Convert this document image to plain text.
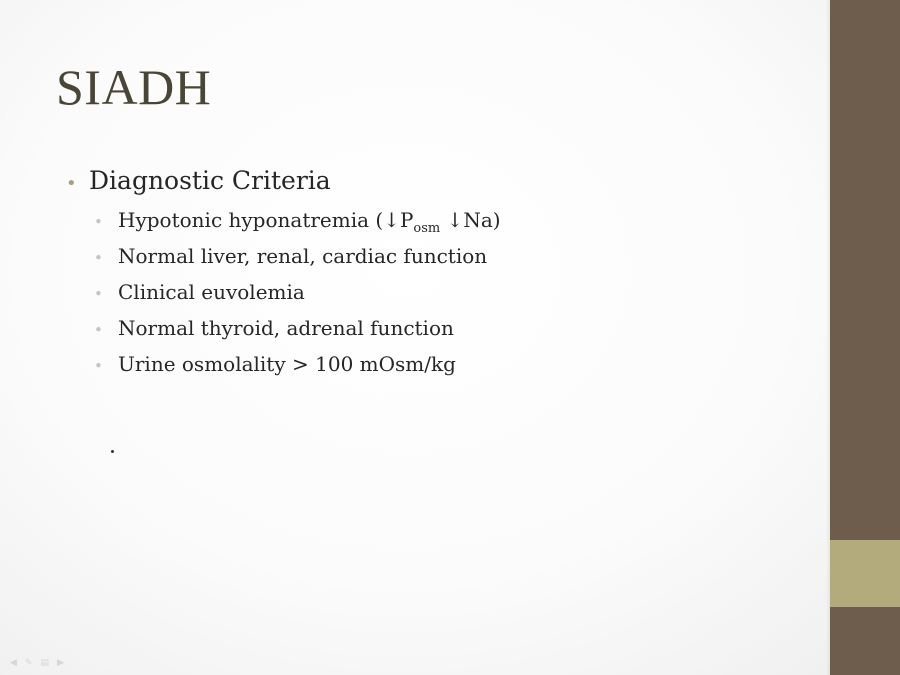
SIADH
• Diagnostic Criteria
• Hypotonic hyponatremia ($↓P_{osm}$ ↓Na)
• Normal liver, renal, cardiac function
• Clinical euvolemia
• Normal thyroid, adrenal function
• Urine osmolality > 100 mOsm/kg
◀ ✎ ▤ ▶
